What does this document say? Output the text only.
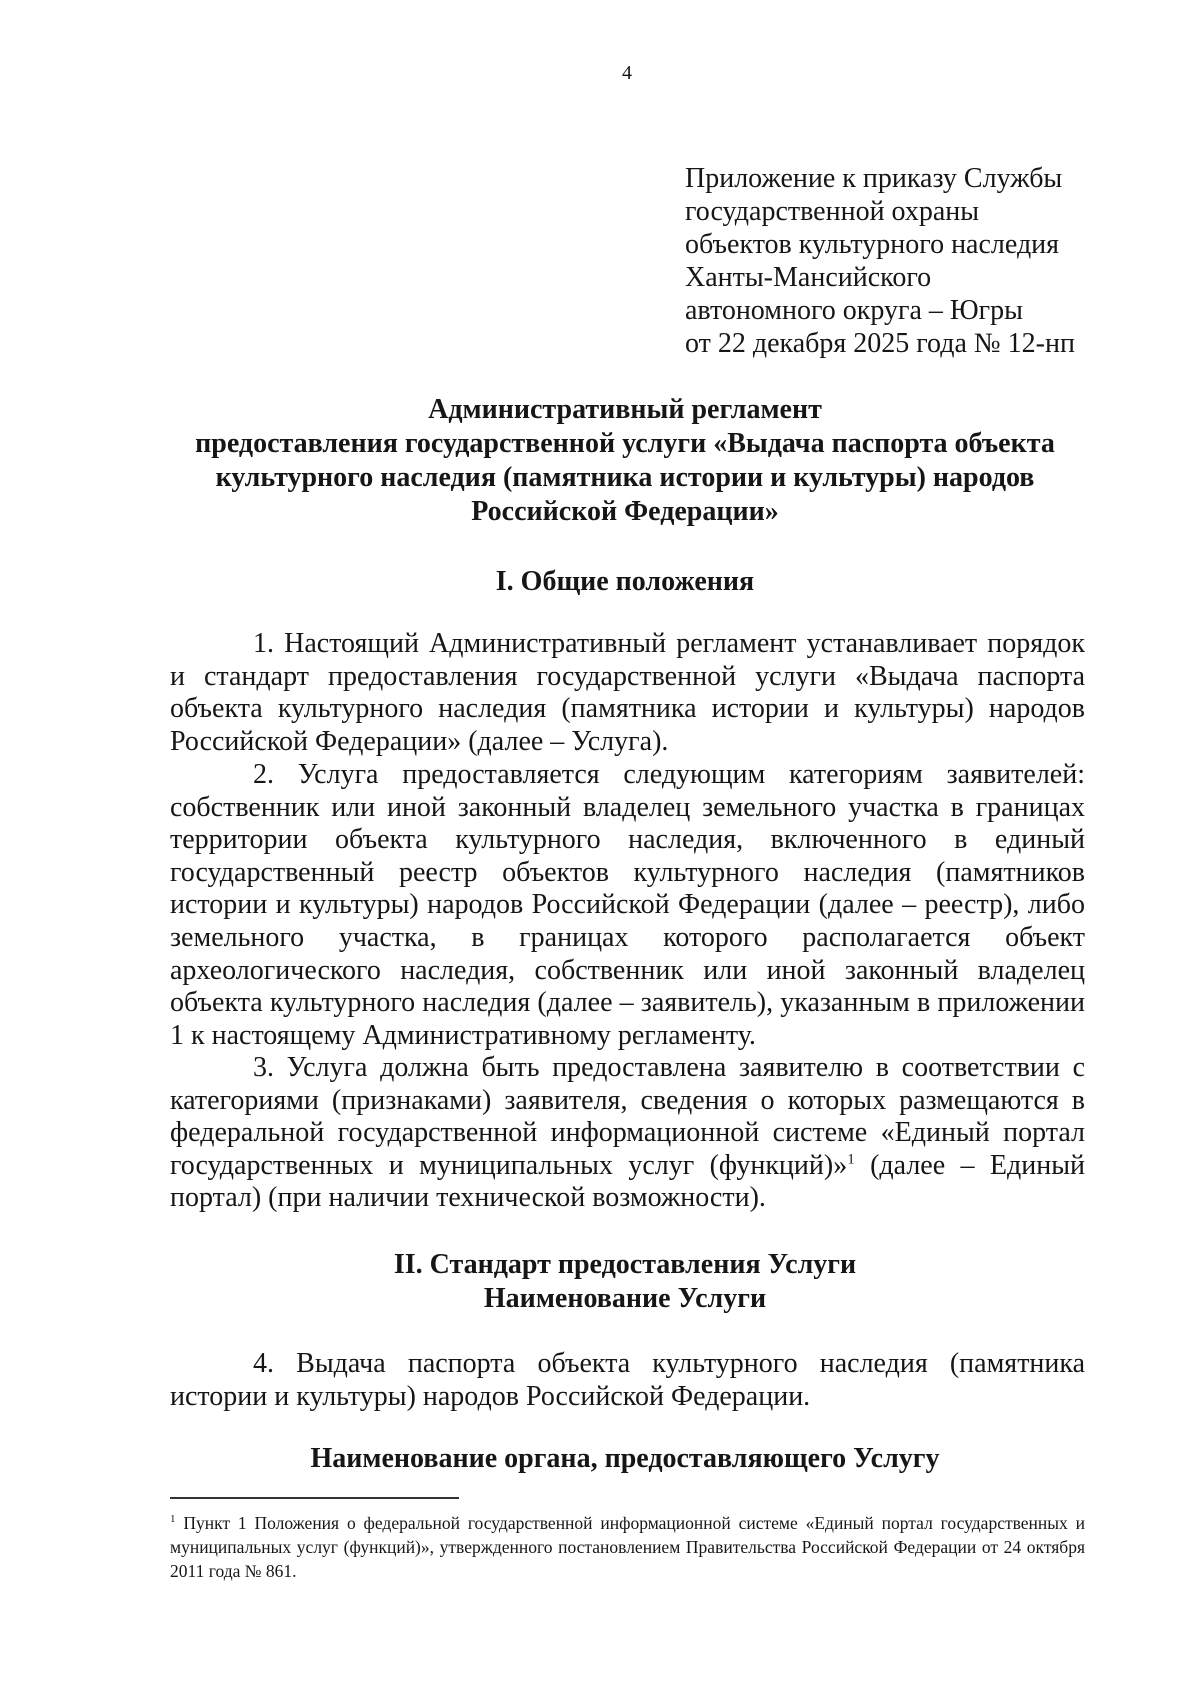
4
Приложение к приказу Службы
государственной охраны
объектов культурного наследия
Ханты-Мансийского
автономного округа – Югры
от 22 декабря 2025 года № 12-нп
Административный регламент
предоставления государственной услуги «Выдача паспорта объекта
культурного наследия (памятника истории и культуры) народов
Российской Федерации»
I. Общие положения

1. Настоящий Административный регламент устанавливает порядок и стандарт предоставления государственной услуги «Выдача паспорта объекта культурного наследия (памятника истории и культуры) народов Российской Федерации» (далее – Услуга).

2. Услуга предоставляется следующим категориям заявителей: собственник или иной законный владелец земельного участка в границах территории объекта культурного наследия, включенного в единый государственный реестр объектов культурного наследия (памятников истории и культуры) народов Российской Федерации (далее – реестр), либо земельного участка, в границах которого располагается объект археологического наследия, собственник или иной законный владелец объекта культурного наследия (далее – заявитель), указанным в приложении 1 к настоящему Административному регламенту.

3. Услуга должна быть предоставлена заявителю в соответствии с категориями (признаками) заявителя, сведения о которых размещаются в федеральной государственной информационной системе «Единый портал государственных и муниципальных услуг (функций)»$^1$ (далее – Единый портал) (при наличии технической возможности).

II. Стандарт предоставления Услуги
Наименование Услуги

4. Выдача паспорта объекта культурного наследия (памятника истории и культуры) народов Российской Федерации.

Наименование органа, предоставляющего Услугу

$^1$ Пункт 1 Положения о федеральной государственной информационной системе «Единый портал государственных и муниципальных услуг (функций)», утвержденного постановлением Правительства Российской Федерации от 24 октября 2011 года № 861.
